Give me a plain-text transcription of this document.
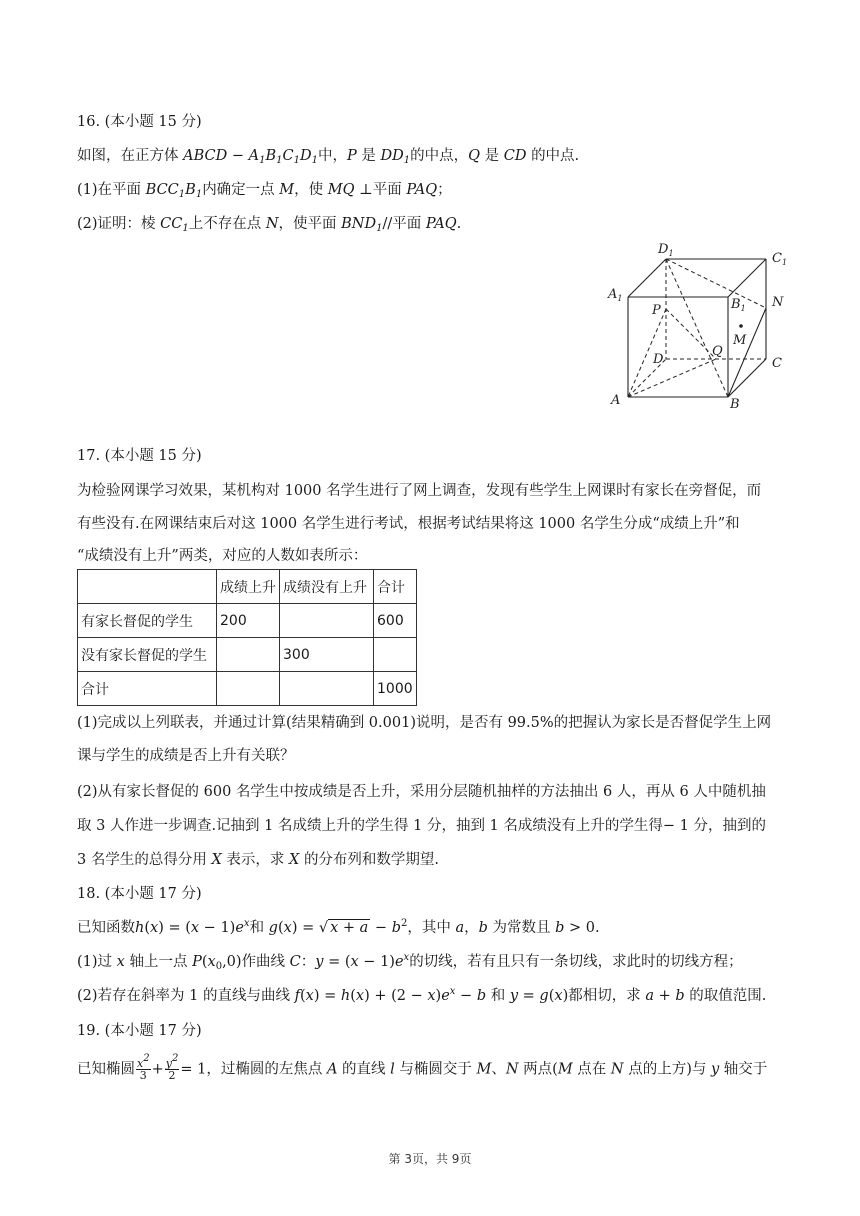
16. (本小题 15 分)
如图，在正方体 ABCD − $A_1B_1C_1D_1$中，P 是 $DD_1$的中点，Q 是 CD 的中点.
(1)在平面 $BCC_1B_1$内确定一点 M，使 MQ ⊥平面 PAQ；
(2)证明：棱 $CC_1$上不存在点 N，使平面 $BND_1//$平面 PAQ.
$D_1$	$C_1$
$A_1$	$B_1$ N
P
M
D
Q
C
A	B
17. (本小题 15 分)
为检验网课学习效果，某机构对 1000 名学生进行了网上调查，发现有些学生上网课时有家长在旁督促，而
有些没有.在网课结束后对这 1000 名学生进行考试，根据考试结果将这 1000 名学生分成“成绩上升”和
“成绩没有上升”两类，对应的人数如表所示：
	成绩上升	成绩没有上升	合计
有家长督促的学生	200		600
没有家长督促的学生		300	
合计			1000
(1)完成以上列联表，并通过计算(结果精确到 0.001)说明，是否有 99.5%的把握认为家长是否督促学生上网
课与学生的成绩是否上升有关联？
(2)从有家长督促的 600 名学生中按成绩是否上升，采用分层随机抽样的方法抽出 6 人，再从 6 人中随机抽
取 3 人作进一步调查.记抽到 1 名成绩上升的学生得 1 分，抽到 1 名成绩没有上升的学生得− 1 分，抽到的
3 名学生的总得分用 X 表示，求 X 的分布列和数学期望.
18. (本小题 17 分)
已知函数$h(x) = (x - 1)e^x$和 g(x) = √ $x + a - b^2$，其中 a，b 为常数且 b > 0.
(1)过 x 轴上一点 $P(x_0,0)$作曲线 C：$y = (x - 1)e^x$的切线，若有且只有一条切线，求此时的切线方程；
(2)若存在斜率为 1 的直线与曲线 $f(x) = h(x) + (2 - x)e^x - b$ 和 y = g(x)都相切，求 a + b 的取值范围.
19. (本小题 17 分)
已知椭圆 $\frac{x^2}{3} + \frac{y^2}{2} = 1$，过椭圆的左焦点 A 的直线 l 与椭圆交于 M、N 两点(M 点在 N 点的上方)与 y 轴交于
第 3页，共 9页
